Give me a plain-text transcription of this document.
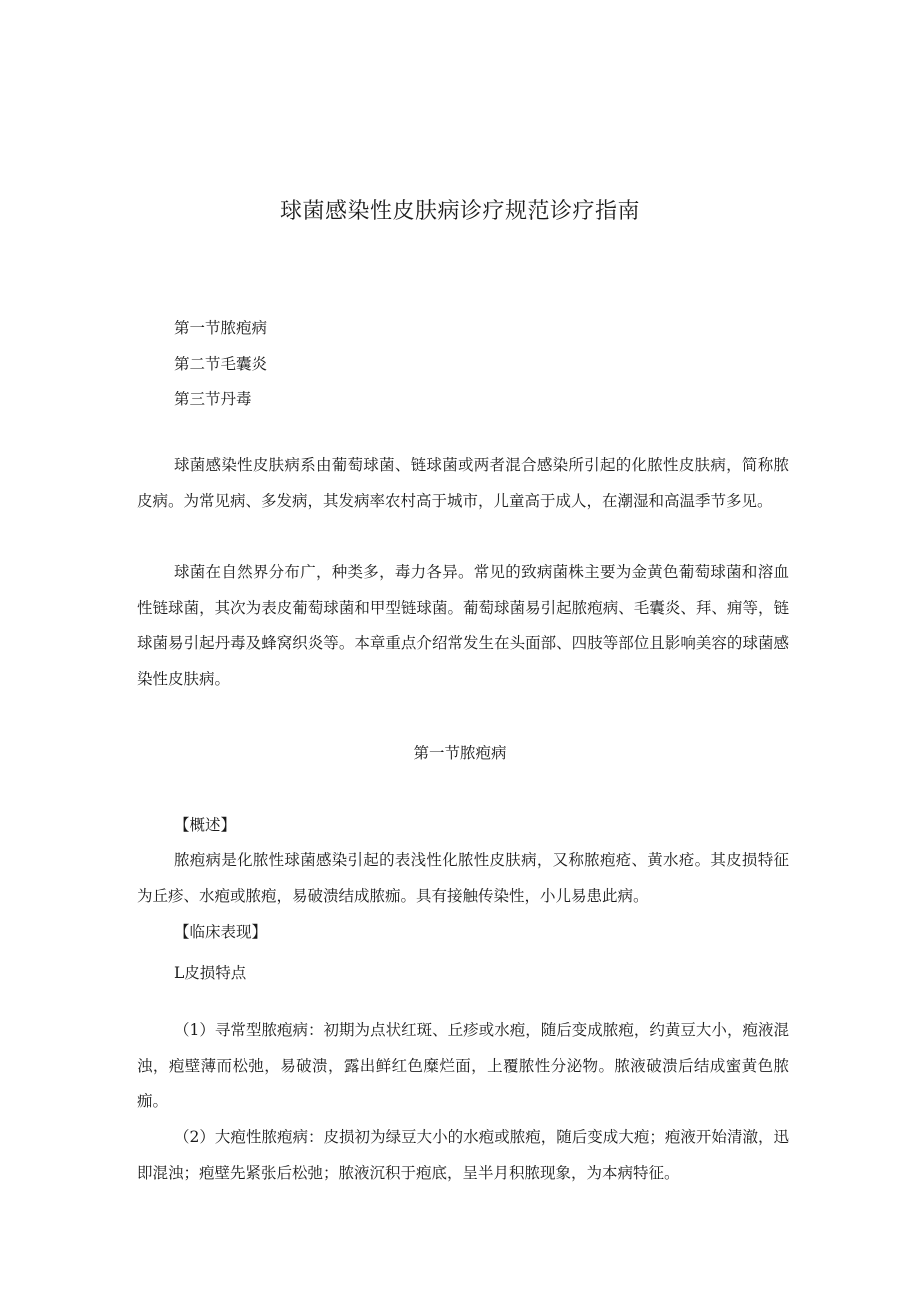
球菌感染性皮肤病诊疗规范诊疗指南
第一节脓疱病
第二节毛囊炎
第三节丹毒

球菌感染性皮肤病系由葡萄球菌、链球菌或两者混合感染所引起的化脓性皮肤病，简称脓皮病。为常见病、多发病，其发病率农村高于城市，儿童高于成人，在潮湿和高温季节多见。

球菌在自然界分布广，种类多，毒力各异。常见的致病菌株主要为金黄色葡萄球菌和溶血性链球菌，其次为表皮葡萄球菌和甲型链球菌。葡萄球菌易引起脓疱病、毛囊炎、拜、痈等，链球菌易引起丹毒及蜂窝织炎等。本章重点介绍常发生在头面部、四肢等部位且影响美容的球菌感染性皮肤病。

第一节脓疱病
【概述】

脓疱病是化脓性球菌感染引起的表浅性化脓性皮肤病，又称脓疱疮、黄水疮。其皮损特征为丘疹、水疱或脓疱，易破溃结成脓痂。具有接触传染性，小儿易患此病。

【临床表现】
L皮损特点

（1）寻常型脓疱病：初期为点状红斑、丘疹或水疱，随后变成脓疱，约黄豆大小，疱液混浊，疱壁薄而松弛，易破溃，露出鲜红色糜烂面，上覆脓性分泌物。脓液破溃后结成蜜黄色脓痂。

（2）大疱性脓疱病：皮损初为绿豆大小的水疱或脓疱，随后变成大疱；疱液开始清澈，迅即混浊；疱壁先紧张后松弛；脓液沉积于疱底，呈半月积脓现象，为本病特征。
